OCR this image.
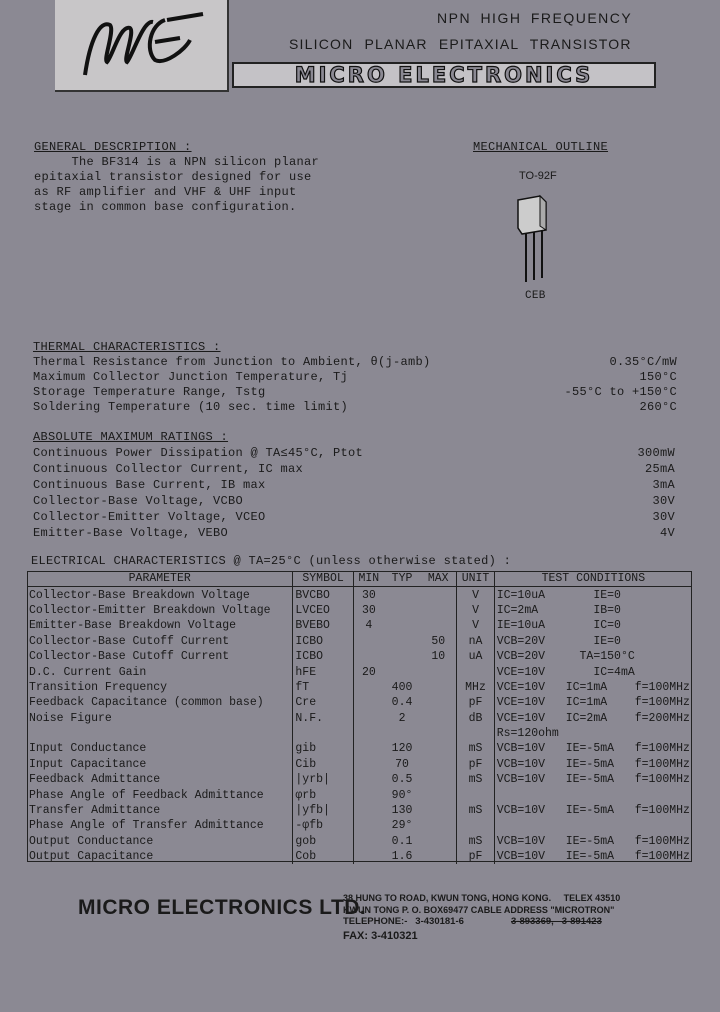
NPN HIGH FREQUENCY
SILICON PLANAR EPITAXIAL TRANSISTOR
MICRO ELECTRONICS
GENERAL DESCRIPTION :
The BF314 is a NPN silicon planar
epitaxial transistor designed for use
as RF amplifier and VHF & UHF input
stage in common base configuration.
MECHANICAL OUTLINE
TO-92F
CEB
THERMAL CHARACTERISTICS :
Thermal Resistance from Junction to Ambient, θ(j-amb)	0.35°C/mW
Maximum Collector Junction Temperature, Tj	150°C
Storage Temperature Range, Tstg	-55°C to +150°C
Soldering Temperature (10 sec. time limit)	260°C
ABSOLUTE MAXIMUM RATINGS :
Continuous Power Dissipation @ TA≤45°C, Ptot	300mW
Continuous Collector Current, IC max	25mA
Continuous Base Current, IB max	3mA
Collector-Base Voltage, VCBO	30V
Collector-Emitter Voltage, VCEO	30V
Emitter-Base Voltage, VEBO	4V
ELECTRICAL CHARACTERISTICS @ TA=25°C (unless otherwise stated) :
PARAMETER	SYMBOL	MIN	TYP	MAX	UNIT	TEST CONDITIONS
Collector-Base Breakdown Voltage	BVCBO	30			V	IC=10uA       IE=0
Collector-Emitter Breakdown Voltage	LVCEO	30			V	IC=2mA        IB=0
Emitter-Base Breakdown Voltage	BVEBO	4			V	IE=10uA       IC=0
Collector-Base Cutoff Current	ICBO			50	nA	VCB=20V       IE=0
Collector-Base Cutoff Current	ICBO			10	uA	VCB=20V     TA=150°C
D.C. Current Gain	hFE	20				VCE=10V       IC=4mA
Transition Frequency	fT		400		MHz	VCE=10V   IC=1mA    f=100MHz
Feedback Capacitance (common base)	Cre		0.4		pF	VCE=10V   IC=1mA    f=100MHz
Noise Figure	N.F.		2		dB	VCE=10V   IC=2mA    f=200MHz
						Rs=120ohm
Input Conductance	gib		120		mS	VCB=10V   IE=-5mA   f=100MHz
Input Capacitance	Cib		70		pF	VCB=10V   IE=-5mA   f=100MHz
Feedback Admittance	|yrb|		0.5		mS	VCB=10V   IE=-5mA   f=100MHz
Phase Angle of Feedback Admittance	φrb		90°			
Transfer Admittance	|yfb|		130		mS	VCB=10V   IE=-5mA   f=100MHz
Phase Angle of Transfer Admittance	-φfb		29°			
Output Conductance	gob		0.1		mS	VCB=10V   IE=-5mA   f=100MHz
Output Capacitance	Cob		1.6		pF	VCB=10V   IE=-5mA   f=100MHz
MICRO ELECTRONICS LTD.
38 HUNG TO ROAD, KWUN TONG, HONG KONG.     TELEX 43510
KWUN TONG P. O. BOX69477 CABLE ADDRESS "MICROTRON"
TELEPHONE:-   3-430181-6	3-893369,   3-891423
FAX: 3-410321
